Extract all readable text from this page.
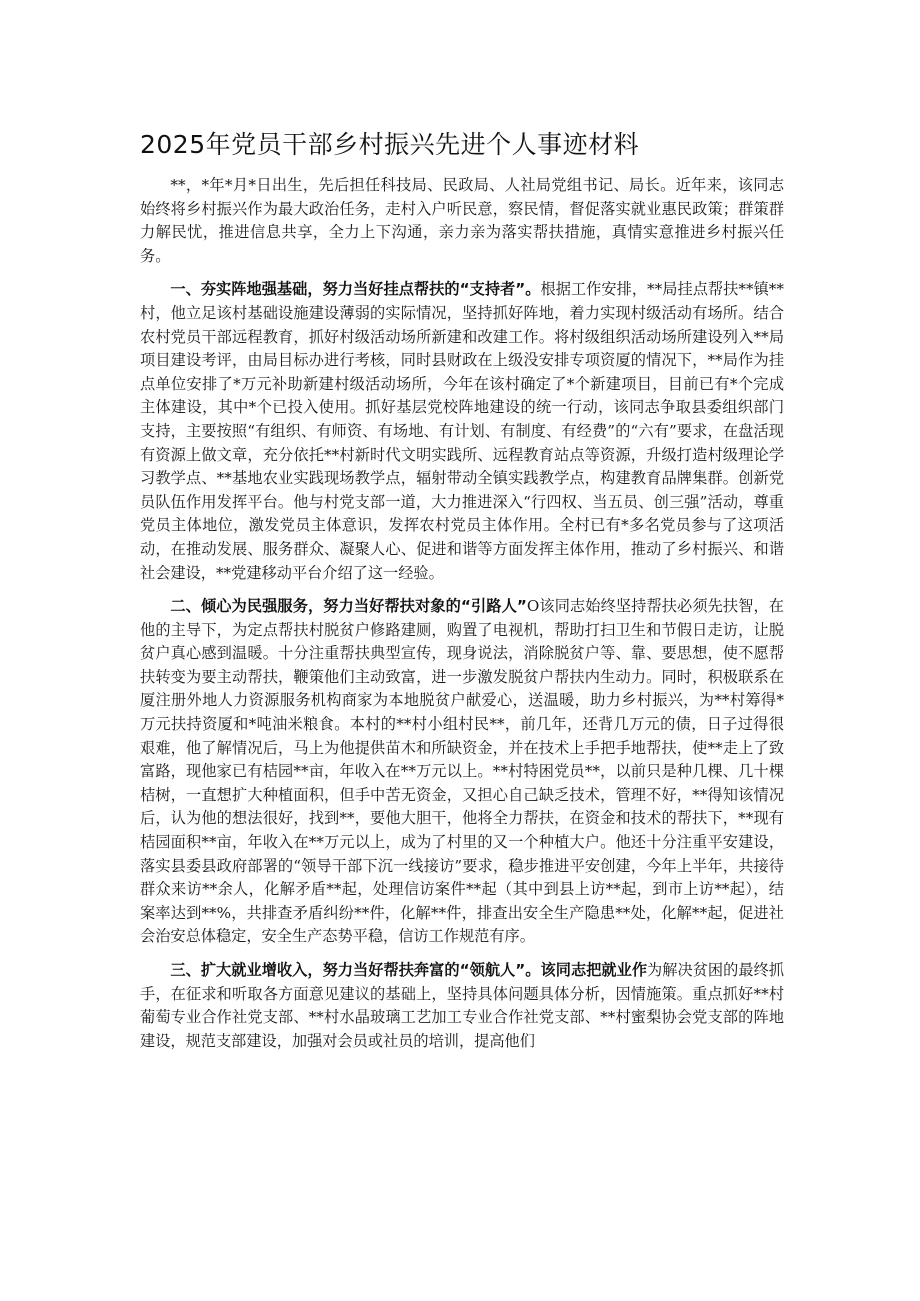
2025年党员干部乡村振兴先进个人事迹材料

**，*年*月*日出生，先后担任科技局、民政局、人社局党组书记、局长。近年来，该同志始终将乡村振兴作为最大政治任务，走村入户听民意，察民情，督促落实就业惠民政策；群策群力解民忧，推进信息共享，全力上下沟通，亲力亲为落实帮扶措施，真情实意推进乡村振兴任务。

一、夯实阵地强基础，努力当好挂点帮扶的“支持者”。根据工作安排，**局挂点帮扶**镇**村，他立足该村基础设施建设薄弱的实际情况，坚持抓好阵地，着力实现村级活动有场所。结合农村党员干部远程教育，抓好村级活动场所新建和改建工作。将村级组织活动场所建设列入**局项目建设考评，由局目标办进行考核，同时县财政在上级没安排专项资厦的情况下，**局作为挂点单位安排了*万元补助新建村级活动场所，今年在该村确定了*个新建项目，目前已有*个完成主体建设，其中*个已投入使用。抓好基层党校阵地建设的统一行动，该同志争取县委组织部门支持，主要按照“有组织、有师资、有场地、有计划、有制度、有经费”的“六有”要求，在盘活现有资源上做文章，充分依托**村新时代文明实践所、远程教育站点等资源，升级打造村级理论学习教学点、**基地农业实践现场教学点，辐射带动全镇实践教学点，构建教育品牌集群。创新党员队伍作用发挥平台。他与村党支部一道，大力推进深入“行四权、当五员、创三强”活动，尊重党员主体地位，激发党员主体意识，发挥农村党员主体作用。全村已有*多名党员参与了这项活动，在推动发展、服务群众、凝聚人心、促进和谐等方面发挥主体作用，推动了乡村振兴、和谐社会建设，**党建移动平台介绍了这一经验。

二、倾心为民强服务，努力当好帮扶对象的“引路人”O该同志始终坚持帮扶必须先扶智，在他的主导下，为定点帮扶村脱贫户修路建厕，购置了电视机，帮助打扫卫生和节假日走访，让脱贫户真心感到温暖。十分注重帮扶典型宣传，现身说法，消除脱贫户等、靠、要思想，使不愿帮扶转变为要主动帮扶，鞭策他们主动致富，进一步激发脱贫户帮扶内生动力。同时，积极联系在厦注册外地人力资源服务机构商家为本地脱贫户献爱心，送温暖，助力乡村振兴，为**村筹得*万元扶持资厦和*吨油米粮食。本村的**村小组村民**，前几年，还背几万元的债，日子过得很艰难，他了解情况后，马上为他提供苗木和所缺资金，并在技术上手把手地帮扶，使**走上了致富路，现他家已有桔园**亩，年收入在**万元以上。**村特困党员**，以前只是种几棵、几十棵桔树，一直想扩大种植面积，但手中苦无资金，又担心自己缺乏技术，管理不好，**得知该情况后，认为他的想法很好，找到**，要他大胆干，他将全力帮扶，在资金和技术的帮扶下，**现有桔园面积**亩，年收入在**万元以上，成为了村里的又一个种植大户。他还十分注重平安建设，落实县委县政府部署的“领导干部下沉一线接访”要求，稳步推进平安创建，今年上半年，共接待群众来访**余人，化解矛盾**起，处理信访案件**起（其中到县上访**起，到市上访**起），结案率达到**%，共排查矛盾纠纷**件，化解**件，排查出安全生产隐患**处，化解**起，促进社会治安总体稳定，安全生产态势平稳，信访工作规范有序。

三、扩大就业增收入，努力当好帮扶奔富的“领航人”。该同志把就业作为解决贫困的最终抓手，在征求和听取各方面意见建议的基础上，坚持具体问题具体分析，因情施策。重点抓好**村葡萄专业合作社党支部、**村水晶玻璃工艺加工专业合作社党支部、**村蜜梨协会党支部的阵地建设，规范支部建设，加强对会员或社员的培训，提高他们
